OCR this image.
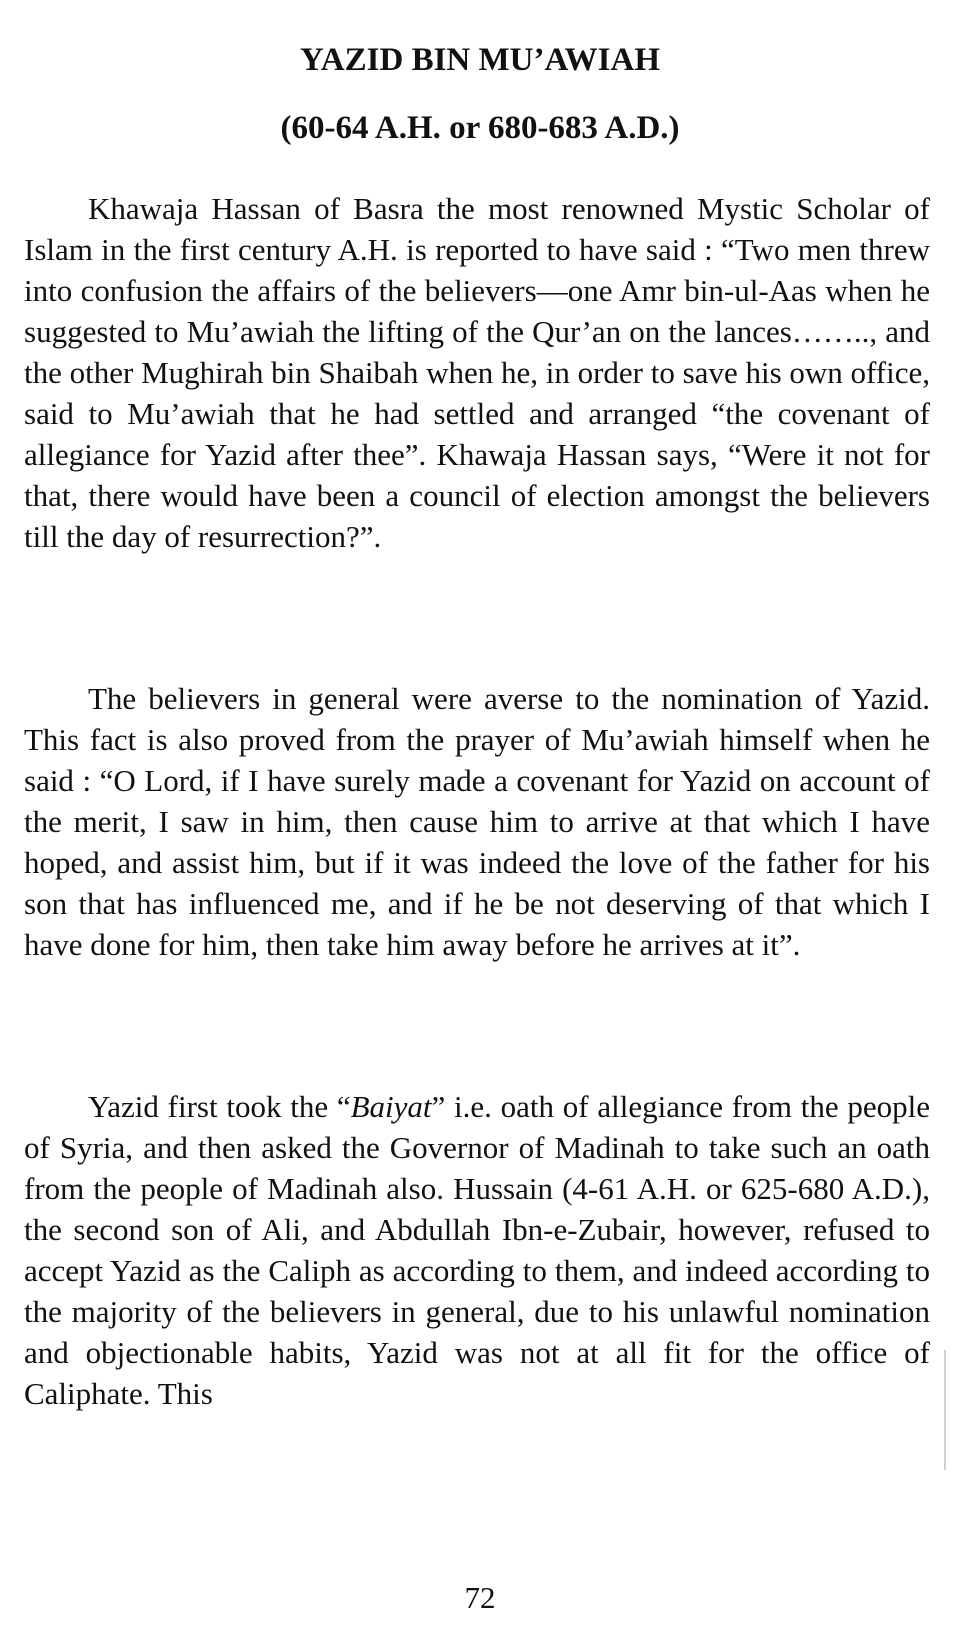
YAZID BIN MU’AWIAH
(60-64 A.H. or 680-683 A.D.)

Khawaja Hassan of Basra the most renowned Mystic Scholar of Islam in the first century A.H. is reported to have said : “Two men threw into confusion the affairs of the believers—one Amr bin-ul-Aas when he suggested to Mu’awiah the lifting of the Qur’an on the lances…….., and the other Mughirah bin Shaibah when he, in order to save his own office, said to Mu’awiah that he had settled and arranged “the covenant of allegiance for Yazid after thee”. Khawaja Hassan says, “Were it not for that, there would have been a council of election amongst the believers till the day of resurrection?”.

The believers in general were averse to the nomination of Yazid. This fact is also proved from the prayer of Mu’awiah himself when he said : “O Lord, if I have surely made a covenant for Yazid on account of the merit, I saw in him, then cause him to arrive at that which I have hoped, and assist him, but if it was indeed the love of the father for his son that has influenced me, and if he be not deserving of that which I have done for him, then take him away before he arrives at it”.

Yazid first took the “Baiyat” i.e. oath of allegiance from the people of Syria, and then asked the Governor of Madinah to take such an oath from the people of Madinah also. Hussain (4-61 A.H. or 625-680 A.D.), the second son of Ali, and Abdullah Ibn-e-Zubair, however, refused to accept Yazid as the Caliph as according to them, and indeed according to the majority of the believers in general, due to his unlawful nomination and objectionable habits, Yazid was not at all fit for the office of Caliphate. This

72
